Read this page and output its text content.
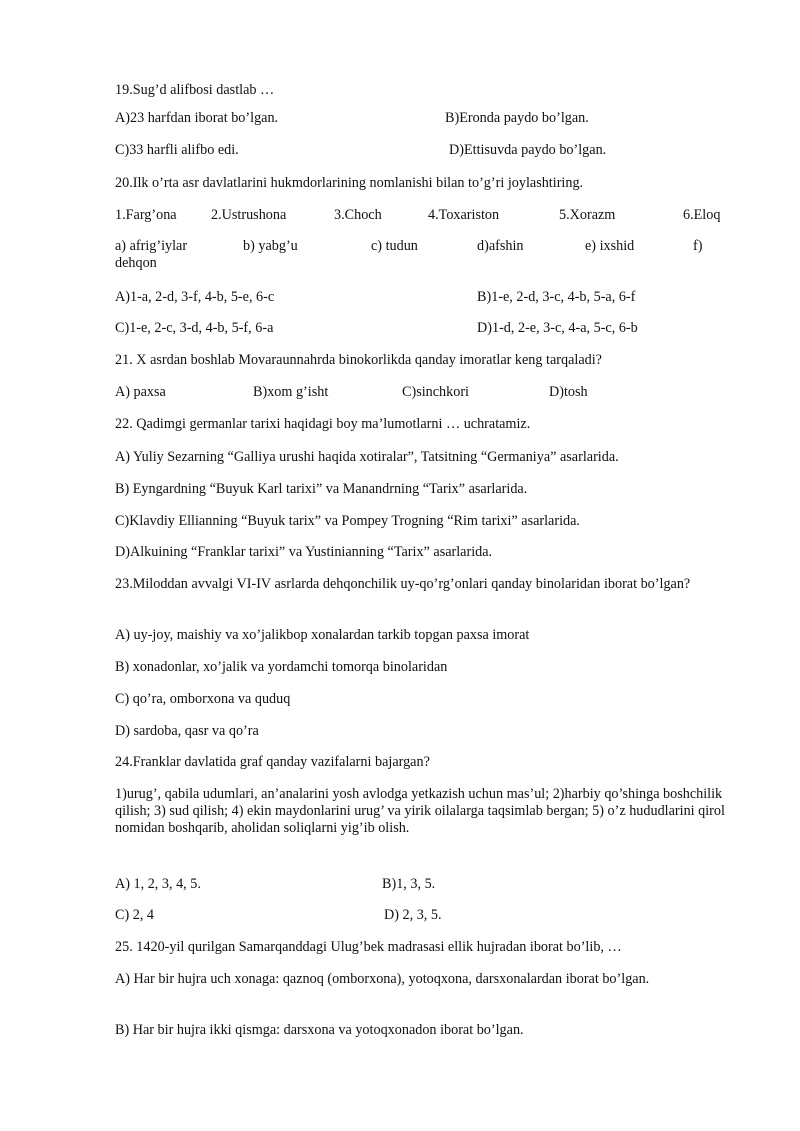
19.Sug’d alifbosi dastlab …
A)23 harfdan iborat bo’lgan.	B)Eronda paydo bo’lgan.
C)33 harfli alifbo edi.	D)Ettisuvda paydo bo’lgan.
20.Ilk o’rta asr davlatlarini hukmdorlarining nomlanishi bilan to’g’ri joylashtiring.
1.Farg’ona 2.Ustrushona	3.Choch	4.Toxariston	5.Xorazm	6.Eloq
a) afrig’iylar	b) yabg’u	c) tudun	d)afshin	e) ixshid	f)
dehqon
A)1-a, 2-d, 3-f, 4-b, 5-e, 6-c	B)1-e, 2-d, 3-c, 4-b, 5-a, 6-f
C)1-e, 2-c, 3-d, 4-b, 5-f, 6-a	D)1-d, 2-e, 3-c, 4-a, 5-c, 6-b
21. X asrdan boshlab Movaraunnahrda binokorlikda qanday imoratlar keng tarqaladi?
A) paxsa	B)xom g’isht	C)sinchkori	D)tosh
22. Qadimgi germanlar tarixi haqidagi boy ma’lumotlarni … uchratamiz.
A) Yuliy Sezarning “Galliya urushi haqida xotiralar”, Tatsitning “Germaniya” asarlarida.
B) Eyngardning “Buyuk Karl tarixi” va Manandrning “Tarix” asarlarida.
C)Klavdiy Ellianning “Buyuk tarix” va Pompey Trogning “Rim tarixi” asarlarida.
D)Alkuining “Franklar tarixi” va Yustinianning “Tarix” asarlarida.
23.Miloddan avvalgi VI-IV asrlarda dehqonchilik uy-qo’rg’onlari qanday binolaridan iborat bo’lgan?
A) uy-joy, maishiy va xo’jalikbop xonalardan tarkib topgan paxsa imorat
B) xonadonlar, xo’jalik va yordamchi tomorqa binolaridan
C) qo’ra, omborxona va quduq
D) sardoba, qasr va qo’ra
24.Franklar davlatida graf qanday vazifalarni bajargan?
1)urug’, qabila udumlari, an’analarini yosh avlodga yetkazish uchun mas’ul; 2)harbiy qo’shinga boshchilik qilish; 3) sud qilish; 4) ekin maydonlarini urug’ va yirik oilalarga taqsimlab bergan; 5) o’z hududlarini qirol nomidan boshqarib, aholidan soliqlarni yig’ib olish.
A) 1, 2, 3, 4, 5.	B)1, 3, 5.
C) 2, 4	D) 2, 3, 5.
25. 1420-yil qurilgan Samarqanddagi Ulug’bek madrasasi ellik hujradan iborat bo’lib, …
A) Har bir hujra uch xonaga: qaznoq (omborxona), yotoqxona, darsxonalardan iborat bo’lgan.
B) Har bir hujra ikki qismga: darsxona va yotoqxonadon iborat bo’lgan.
